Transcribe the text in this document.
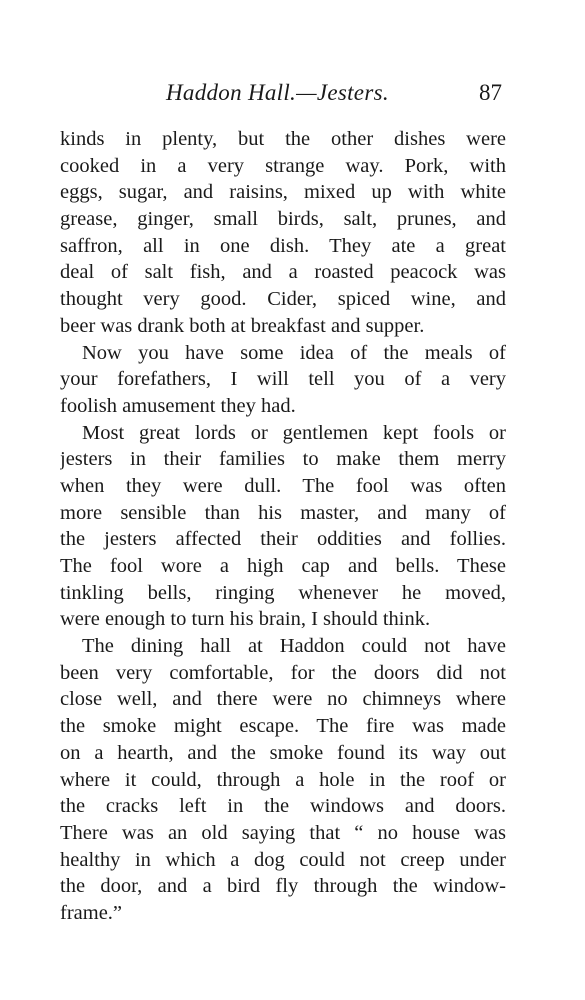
Haddon Hall.—Jesters.	87
kinds in plenty, but the other dishes were
cooked in a very strange way. Pork, with
eggs, sugar, and raisins, mixed up with white
grease, ginger, small birds, salt, prunes, and
saffron, all in one dish. They ate a great
deal of salt fish, and a roasted peacock was
thought very good. Cider, spiced wine, and
beer was drank both at breakfast and supper.
Now you have some idea of the meals of
your forefathers, I will tell you of a very
foolish amusement they had.
Most great lords or gentlemen kept fools or
jesters in their families to make them merry
when they were dull. The fool was often
more sensible than his master, and many of
the jesters affected their oddities and follies.
The fool wore a high cap and bells. These
tinkling bells, ringing whenever he moved,
were enough to turn his brain, I should think.
The dining hall at Haddon could not have
been very comfortable, for the doors did not
close well, and there were no chimneys where
the smoke might escape. The fire was made
on a hearth, and the smoke found its way out
where it could, through a hole in the roof or
the cracks left in the windows and doors.
There was an old saying that “ no house was
healthy in which a dog could not creep under
the door, and a bird fly through the window-
frame.”
